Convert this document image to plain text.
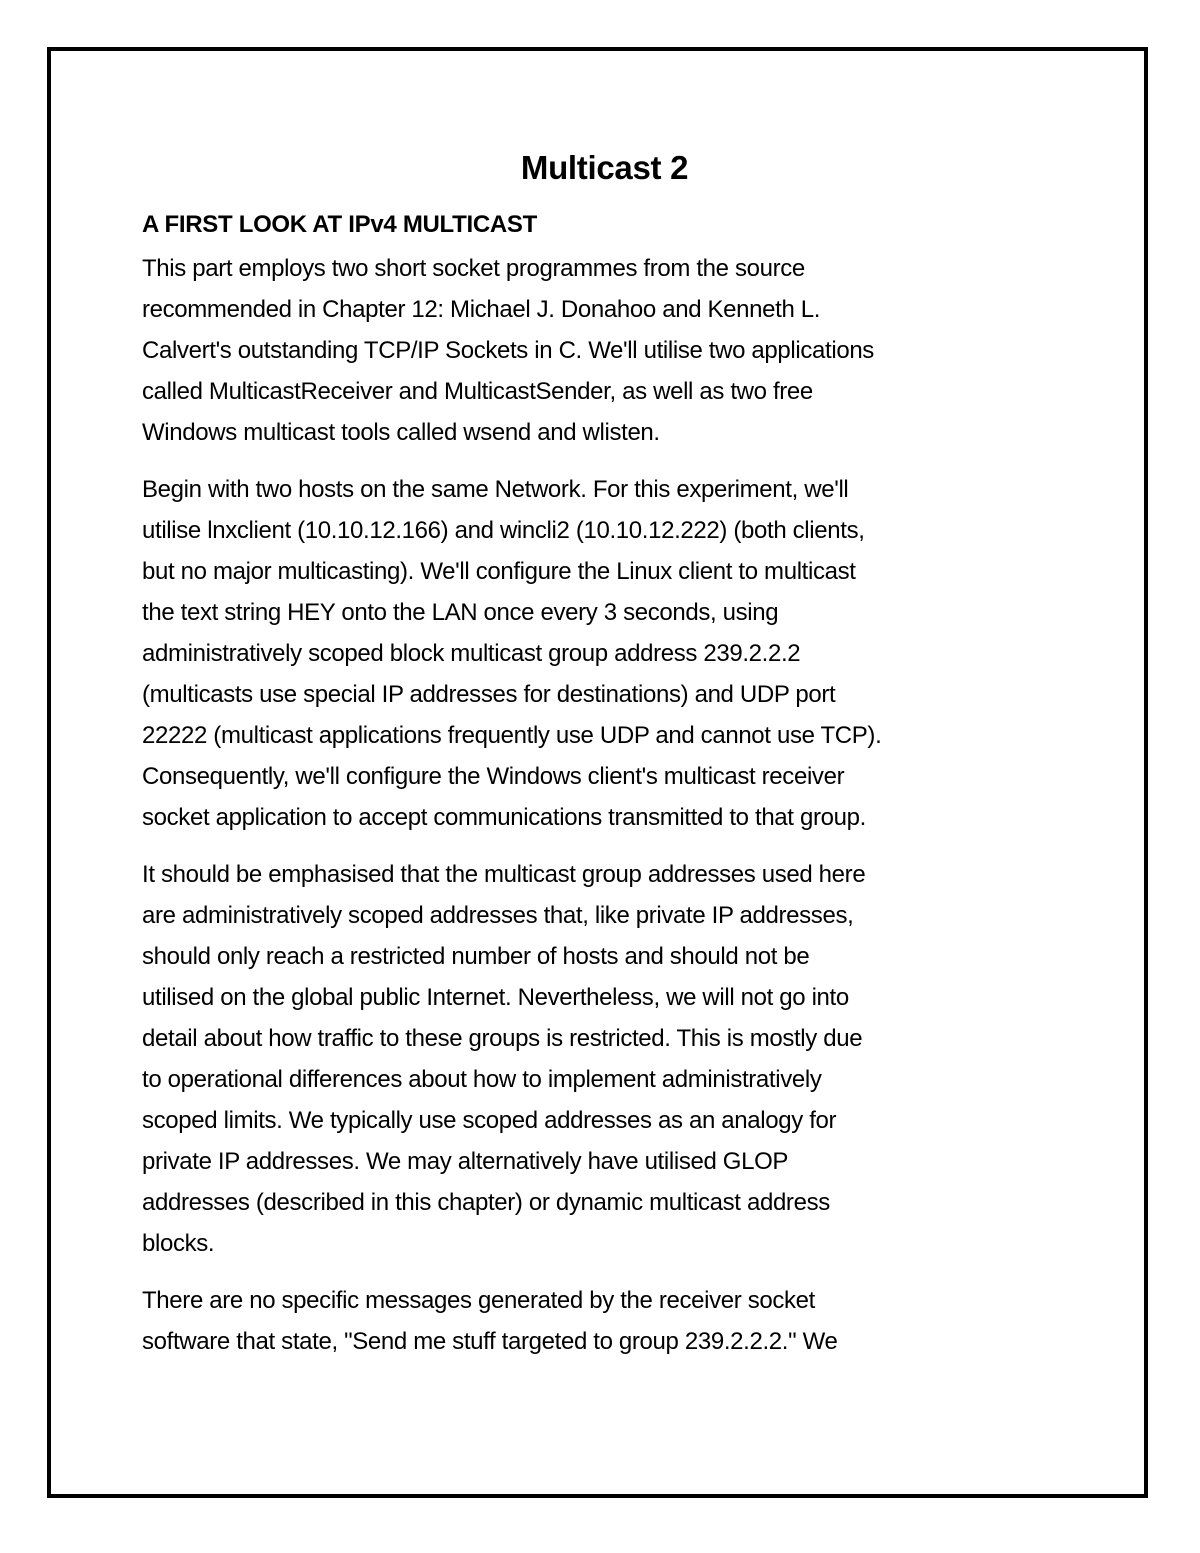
Multicast 2
A FIRST LOOK AT IPv4 MULTICAST

This part employs two short socket programmes from the source
recommended in Chapter 12: Michael J. Donahoo and Kenneth L.
Calvert's outstanding TCP/IP Sockets in C. We'll utilise two applications
called MulticastReceiver and MulticastSender, as well as two free
Windows multicast tools called wsend and wlisten.

Begin with two hosts on the same Network. For this experiment, we'll
utilise lnxclient (10.10.12.166) and wincli2 (10.10.12.222) (both clients,
but no major multicasting). We'll configure the Linux client to multicast
the text string HEY onto the LAN once every 3 seconds, using
administratively scoped block multicast group address 239.2.2.2
(multicasts use special IP addresses for destinations) and UDP port
22222 (multicast applications frequently use UDP and cannot use TCP).
Consequently, we'll configure the Windows client's multicast receiver
socket application to accept communications transmitted to that group.

It should be emphasised that the multicast group addresses used here
are administratively scoped addresses that, like private IP addresses,
should only reach a restricted number of hosts and should not be
utilised on the global public Internet. Nevertheless, we will not go into
detail about how traffic to these groups is restricted. This is mostly due
to operational differences about how to implement administratively
scoped limits. We typically use scoped addresses as an analogy for
private IP addresses. We may alternatively have utilised GLOP
addresses (described in this chapter) or dynamic multicast address
blocks.

There are no specific messages generated by the receiver socket
software that state, "Send me stuff targeted to group 239.2.2.2." We
